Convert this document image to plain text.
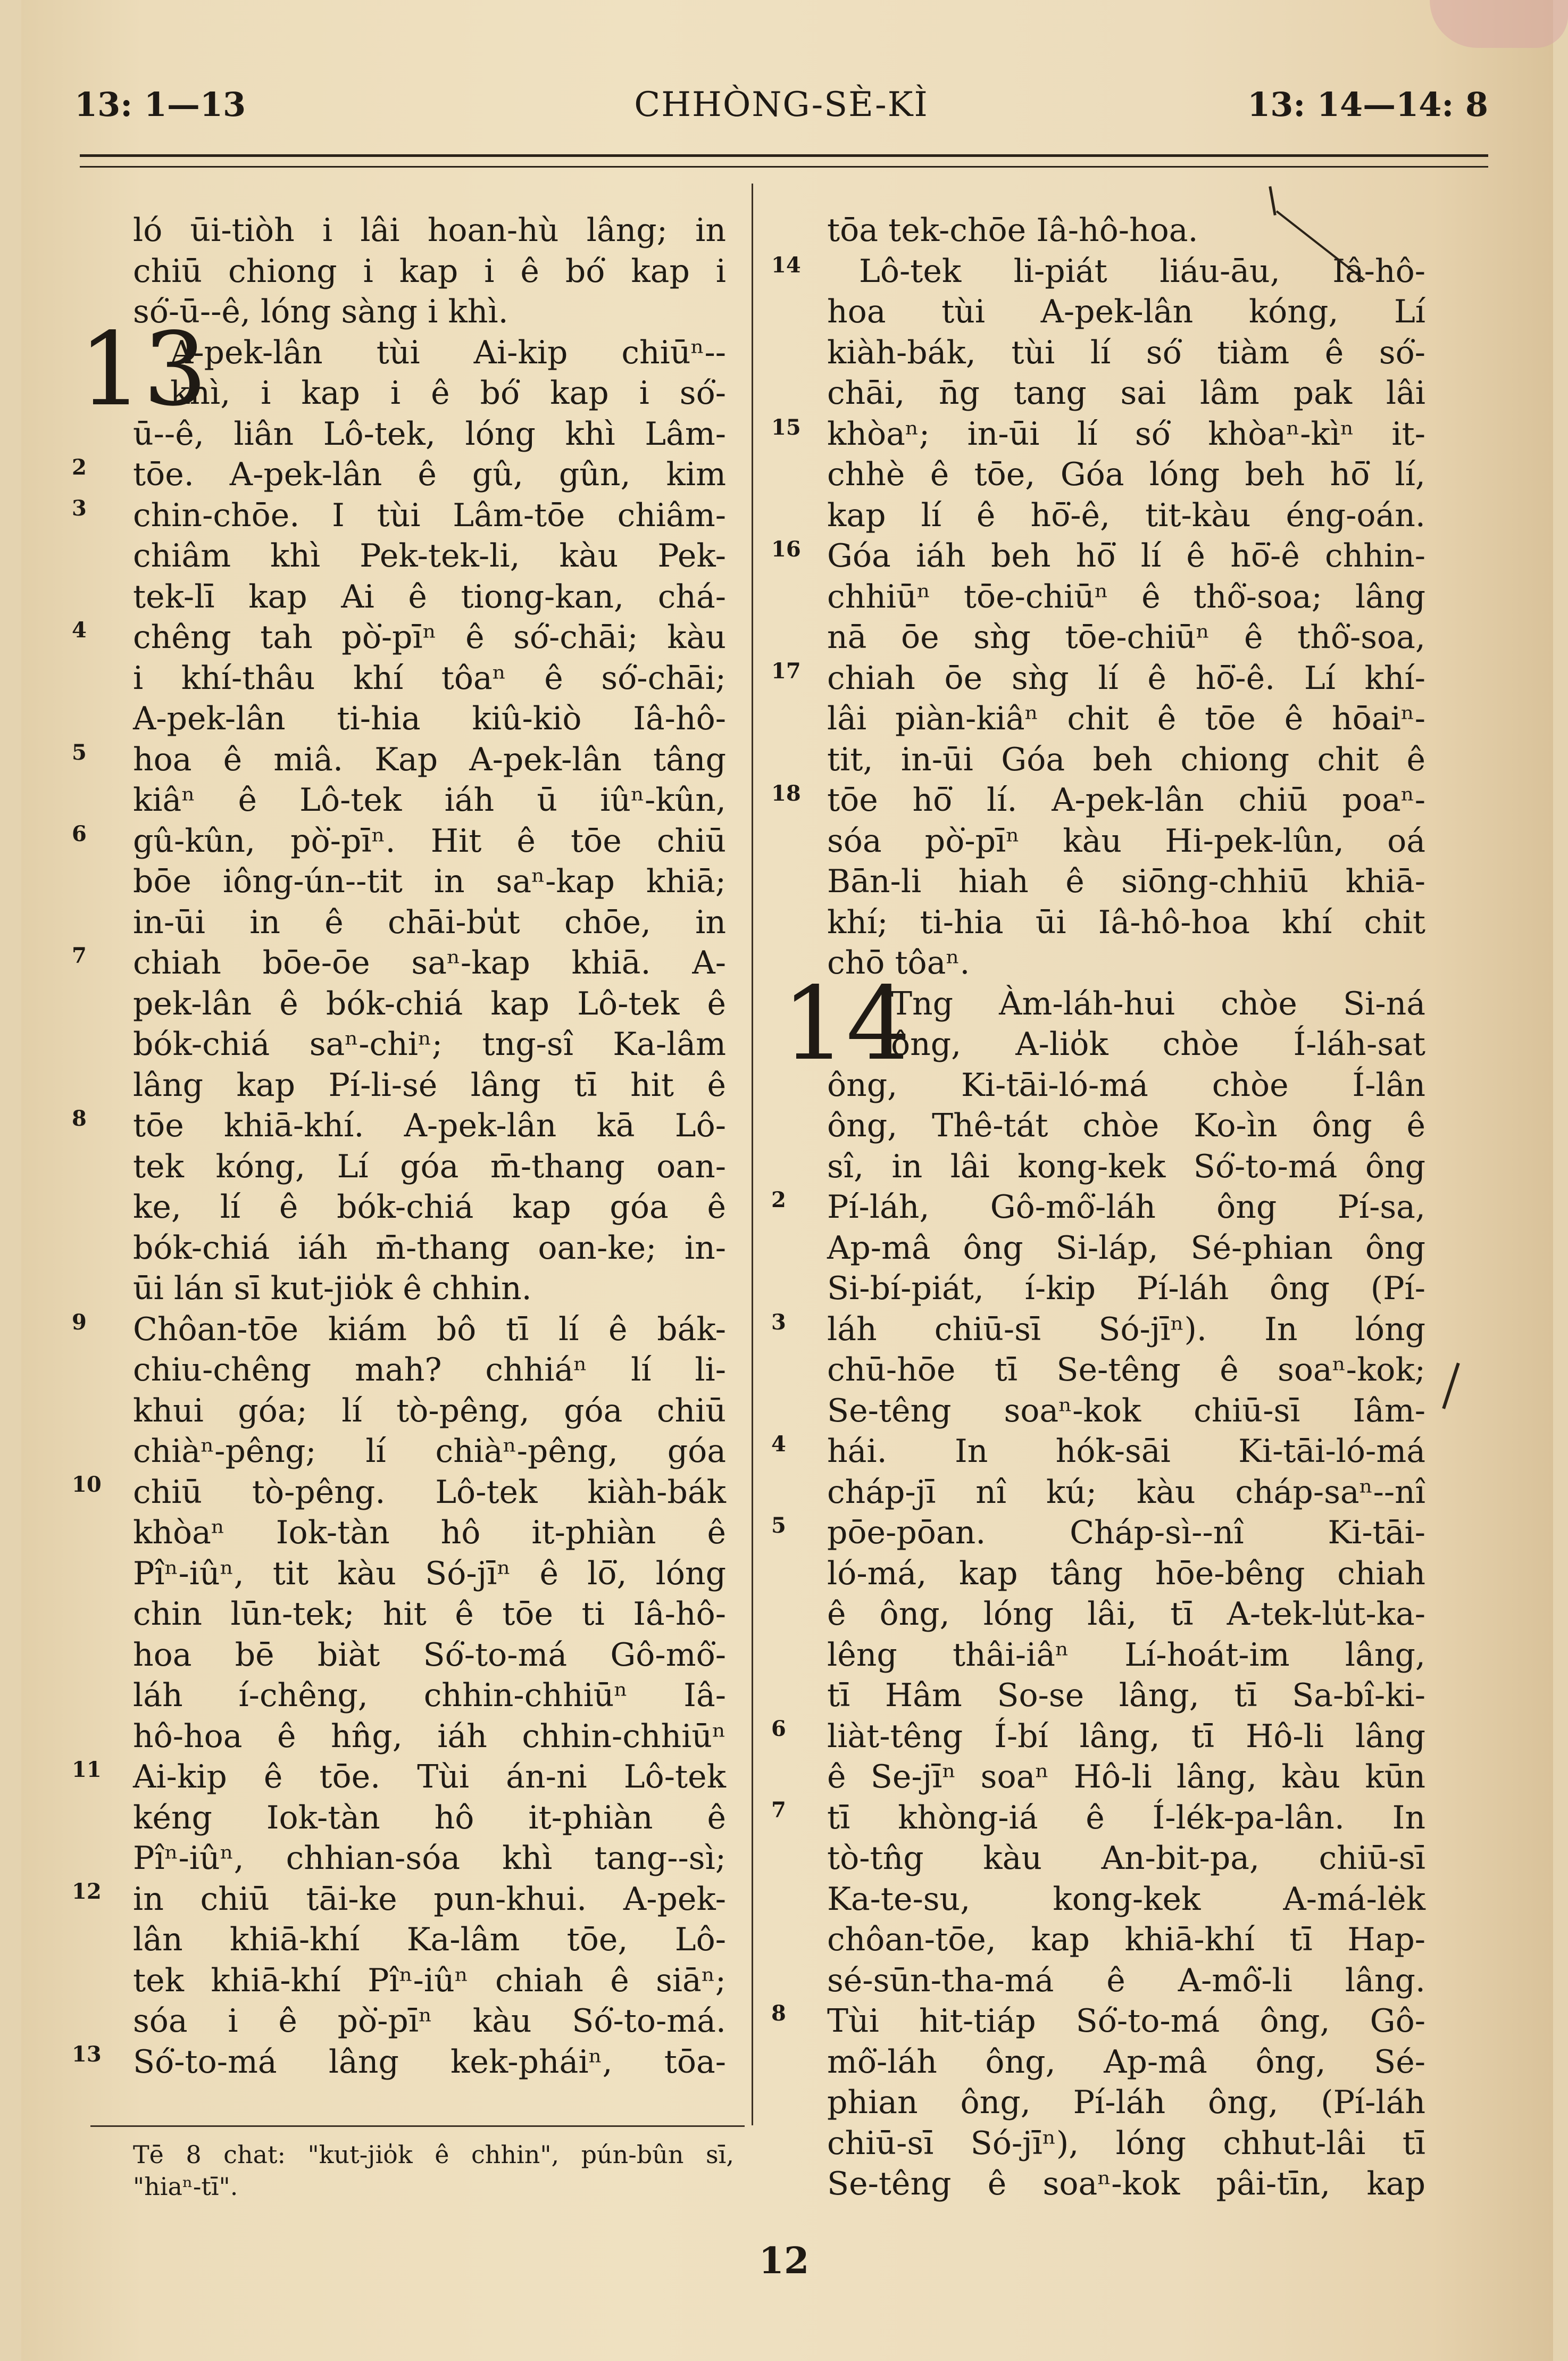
13: 1—13	CHHÒNG-SÈ-KÌ	13: 14—14: 8
ló ūi-tiòh i lâi hoan-hù lâng; in
chiū chiong i kap i ê bó͘ kap i
só͘-ū--ê, lóng sàng i khì.
A-pek-lân tùi Ai-kip chiūⁿ--
khì, i kap i ê bó͘ kap i só͘-
ū--ê, liân Lô-tek, lóng khì Lâm-
tōe. A-pek-lân ê gû, gûn, kim
chin-chōe. I tùi Lâm-tōe chiâm-
chiâm khì Pek-tek-li, kàu Pek-
tek-lī kap Ai ê tiong-kan, chá-
chêng tah pò͘-pīⁿ ê só͘-chāi; kàu
i khí-thâu khí tôaⁿ ê só͘-chāi;
A-pek-lân ti-hia kiû-kiò Iâ-hô-
hoa ê miâ. Kap A-pek-lân tâng
kiâⁿ ê Lô-tek iáh ū iûⁿ-kûn,
gû-kûn, pò͘-pīⁿ. Hit ê tōe chiū
bōe iông-ún--tit in saⁿ-kap khiā;
in-ūi in ê chāi-bu̍t chōe, in
chiah bōe-ōe saⁿ-kap khiā. A-
pek-lân ê bók-chiá kap Lô-tek ê
bók-chiá saⁿ-chiⁿ; tng-sî Ka-lâm
lâng kap Pí-li-sé lâng tī hit ê
tōe khiā-khí. A-pek-lân kā Lô-
tek kóng, Lí góa m̄-thang oan-
ke, lí ê bók-chiá kap góa ê
bók-chiá iáh m̄-thang oan-ke; in-
ūi lán sī kut-jio̍k ê chhin.
Chôan-tōe kiám bô tī lí ê bák-
chiu-chêng mah? chhiáⁿ lí li-
khui góa; lí tò-pêng, góa chiū
chiàⁿ-pêng; lí chiàⁿ-pêng, góa
chiū tò-pêng. Lô-tek kiàh-bák
khòaⁿ Iok-tàn hô it-phiàn ê
Pîⁿ-iûⁿ, tit kàu Só-jīⁿ ê lō͘, lóng
chin lūn-tek; hit ê tōe ti Iâ-hô-
hoa bē biàt Só͘-to-má Gô-mô͘-
láh í-chêng, chhin-chhiūⁿ Iâ-
hô-hoa ê hn̂g, iáh chhin-chhiūⁿ
Ai-kip ê tōe. Tùi án-ni Lô-tek
kéng Iok-tàn hô it-phiàn ê
Pîⁿ-iûⁿ, chhian-sóa khì tang--sì;
in chiū tāi-ke pun-khui. A-pek-
lân khiā-khí Ka-lâm tōe, Lô-
tek khiā-khí Pîⁿ-iûⁿ chiah ê siāⁿ;
sóa i ê pò͘-pīⁿ kàu Só͘-to-má.
Só͘-to-má lâng kek-pháiⁿ, tōa-
13
2
3
4
5
6
7
8
9
10
11
12
13
tōa tek-chōe Iâ-hô-hoa.
Lô-tek li-piát liáu-āu, Iâ-hô-
hoa tùi A-pek-lân kóng, Lí
kiàh-bák, tùi lí só͘ tiàm ê só͘-
chāi, n̄g tang sai lâm pak lâi
khòaⁿ; in-ūi lí só͘ khòaⁿ-kìⁿ it-
chhè ê tōe, Góa lóng beh hō͘ lí,
kap lí ê hō͘-ê, tit-kàu éng-oán.
Góa iáh beh hō͘ lí ê hō͘-ê chhin-
chhiūⁿ tōe-chiūⁿ ê thô͘-soa; lâng
nā ōe sǹg tōe-chiūⁿ ê thô͘-soa,
chiah ōe sǹg lí ê hō͘-ê. Lí khí-
lâi piàn-kiâⁿ chit ê tōe ê hōaiⁿ-
tit, in-ūi Góa beh chiong chit ê
tōe hō͘ lí. A-pek-lân chiū poaⁿ-
sóa pò͘-pīⁿ kàu Hi-pek-lûn, oá
Bān-li hiah ê siōng-chhiū khiā-
khí; ti-hia ūi Iâ-hô-hoa khí chit
chō tôaⁿ.
Tng Àm-láh-hui chòe Si-ná
ông, A-lio̍k chòe Í-láh-sat
ông, Ki-tāi-ló-má chòe Í-lân
ông, Thê-tát chòe Ko-ìn ông ê
sî, in lâi kong-kek Só͘-to-má ông
Pí-láh, Gô-mô͘-láh ông Pí-sa,
Ap-mâ ông Si-láp, Sé-phian ông
Si-bí-piát, í-kip Pí-láh ông (Pí-
láh chiū-sī Só-jīⁿ). In lóng
chū-hōe tī Se-têng ê soaⁿ-kok;
Se-têng soaⁿ-kok chiū-sī Iâm-
hái. In hók-sāi Ki-tāi-ló-má
cháp-jī nî kú; kàu cháp-saⁿ--nî
pōe-pōan. Cháp-sì--nî Ki-tāi-
ló-má, kap tâng hōe-bêng chiah
ê ông, lóng lâi, tī A-tek-lu̍t-ka-
lêng thâi-iâⁿ Lí-hoát-im lâng,
tī Hâm So-se lâng, tī Sa-bî-ki-
liàt-têng Í-bí lâng, tī Hô-li lâng
ê Se-jīⁿ soaⁿ Hô-li lâng, kàu kūn
tī khòng-iá ê Í-lék-pa-lân. In
tò-tn̂g kàu An-bit-pa, chiū-sī
Ka-te-su, kong-kek A-má-lėk
chôan-tōe, kap khiā-khí tī Hap-
sé-sūn-tha-má ê A-mô͘-li lâng.
Tùi hit-tiáp Só͘-to-má ông, Gô-
mô͘-láh ông, Ap-mâ ông, Sé-
phian ông, Pí-láh ông, (Pí-láh
chiū-sī Só-jīⁿ), lóng chhut-lâi tī
Se-têng ê soaⁿ-kok pâi-tīn, kap
14
14
15
16
17
18
2
3
4
5
6
7
8
Tē 8 chat: "kut-jio̍k ê chhin", pún-bûn sī,
"hiaⁿ-tī".
12
